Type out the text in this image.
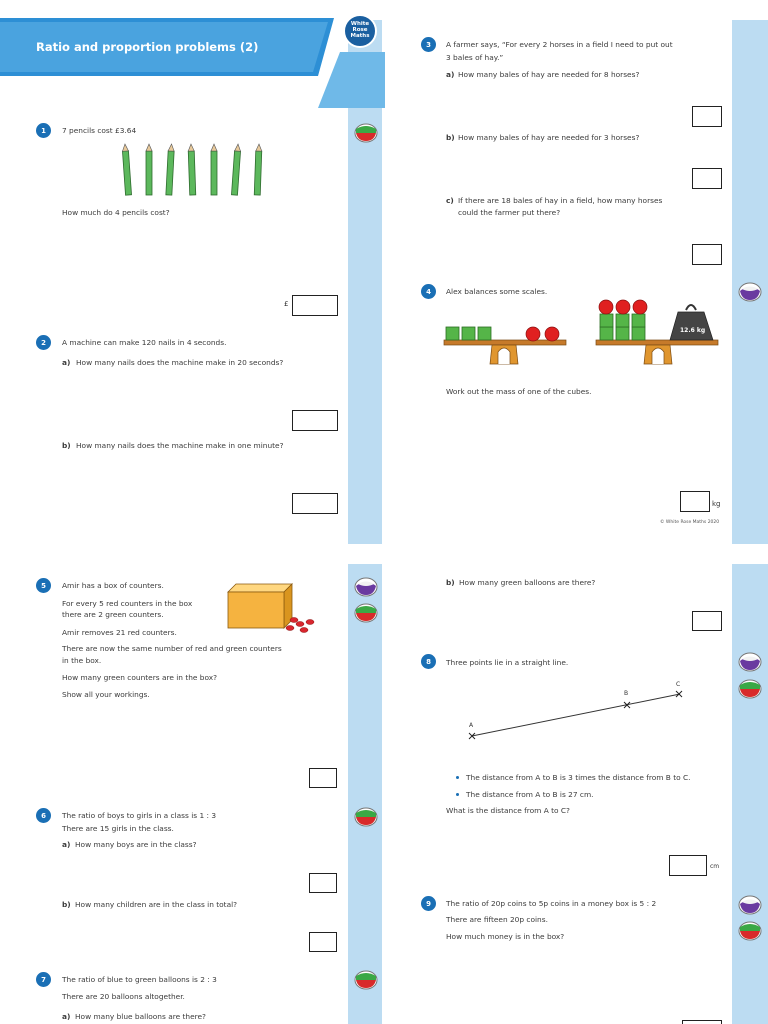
Ratio and proportion problems (2)
White
Rose
Maths
1	7 pencils cost £3.64
How much do 4 pencils cost?
£
2	A machine can make 120 nails in 4 seconds.
a) How many nails does the machine make in 20 seconds?
b) How many nails does the machine make in one minute?
3	A farmer says, “For every 2 horses in a field I need to put out
3 bales of hay.”
a) How many bales of hay are needed for 8 horses?
b) How many bales of hay are needed for 3 horses?
c) If there are 18 bales of hay in a field, how many horses
could the farmer put there?
4	Alex balances some scales.
12.6 kg
Work out the mass of one of the cubes.
kg
© White Rose Maths 2020
5	Amir has a box of counters.
For every 5 red counters in the box
there are 2 green counters.
Amir removes 21 red counters.
There are now the same number of red and green counters
in the box.
How many green counters are in the box?
Show all your workings.
6	The ratio of boys to girls in a class is 1 : 3
There are 15 girls in the class.
a) How many boys are in the class?
b) How many children are in the class in total?
7	The ratio of blue to green balloons is 2 : 3
There are 20 balloons altogether.
a) How many blue balloons are there?
b) How many green balloons are there?
8	Three points lie in a straight line.
A
B
C
The distance from A to B is 3 times the distance from B to C.
The distance from A to B is 27 cm.
What is the distance from A to C?
cm
9	The ratio of 20p coins to 5p coins in a money box is 5 : 2
There are fifteen 20p coins.
How much money is in the box?
